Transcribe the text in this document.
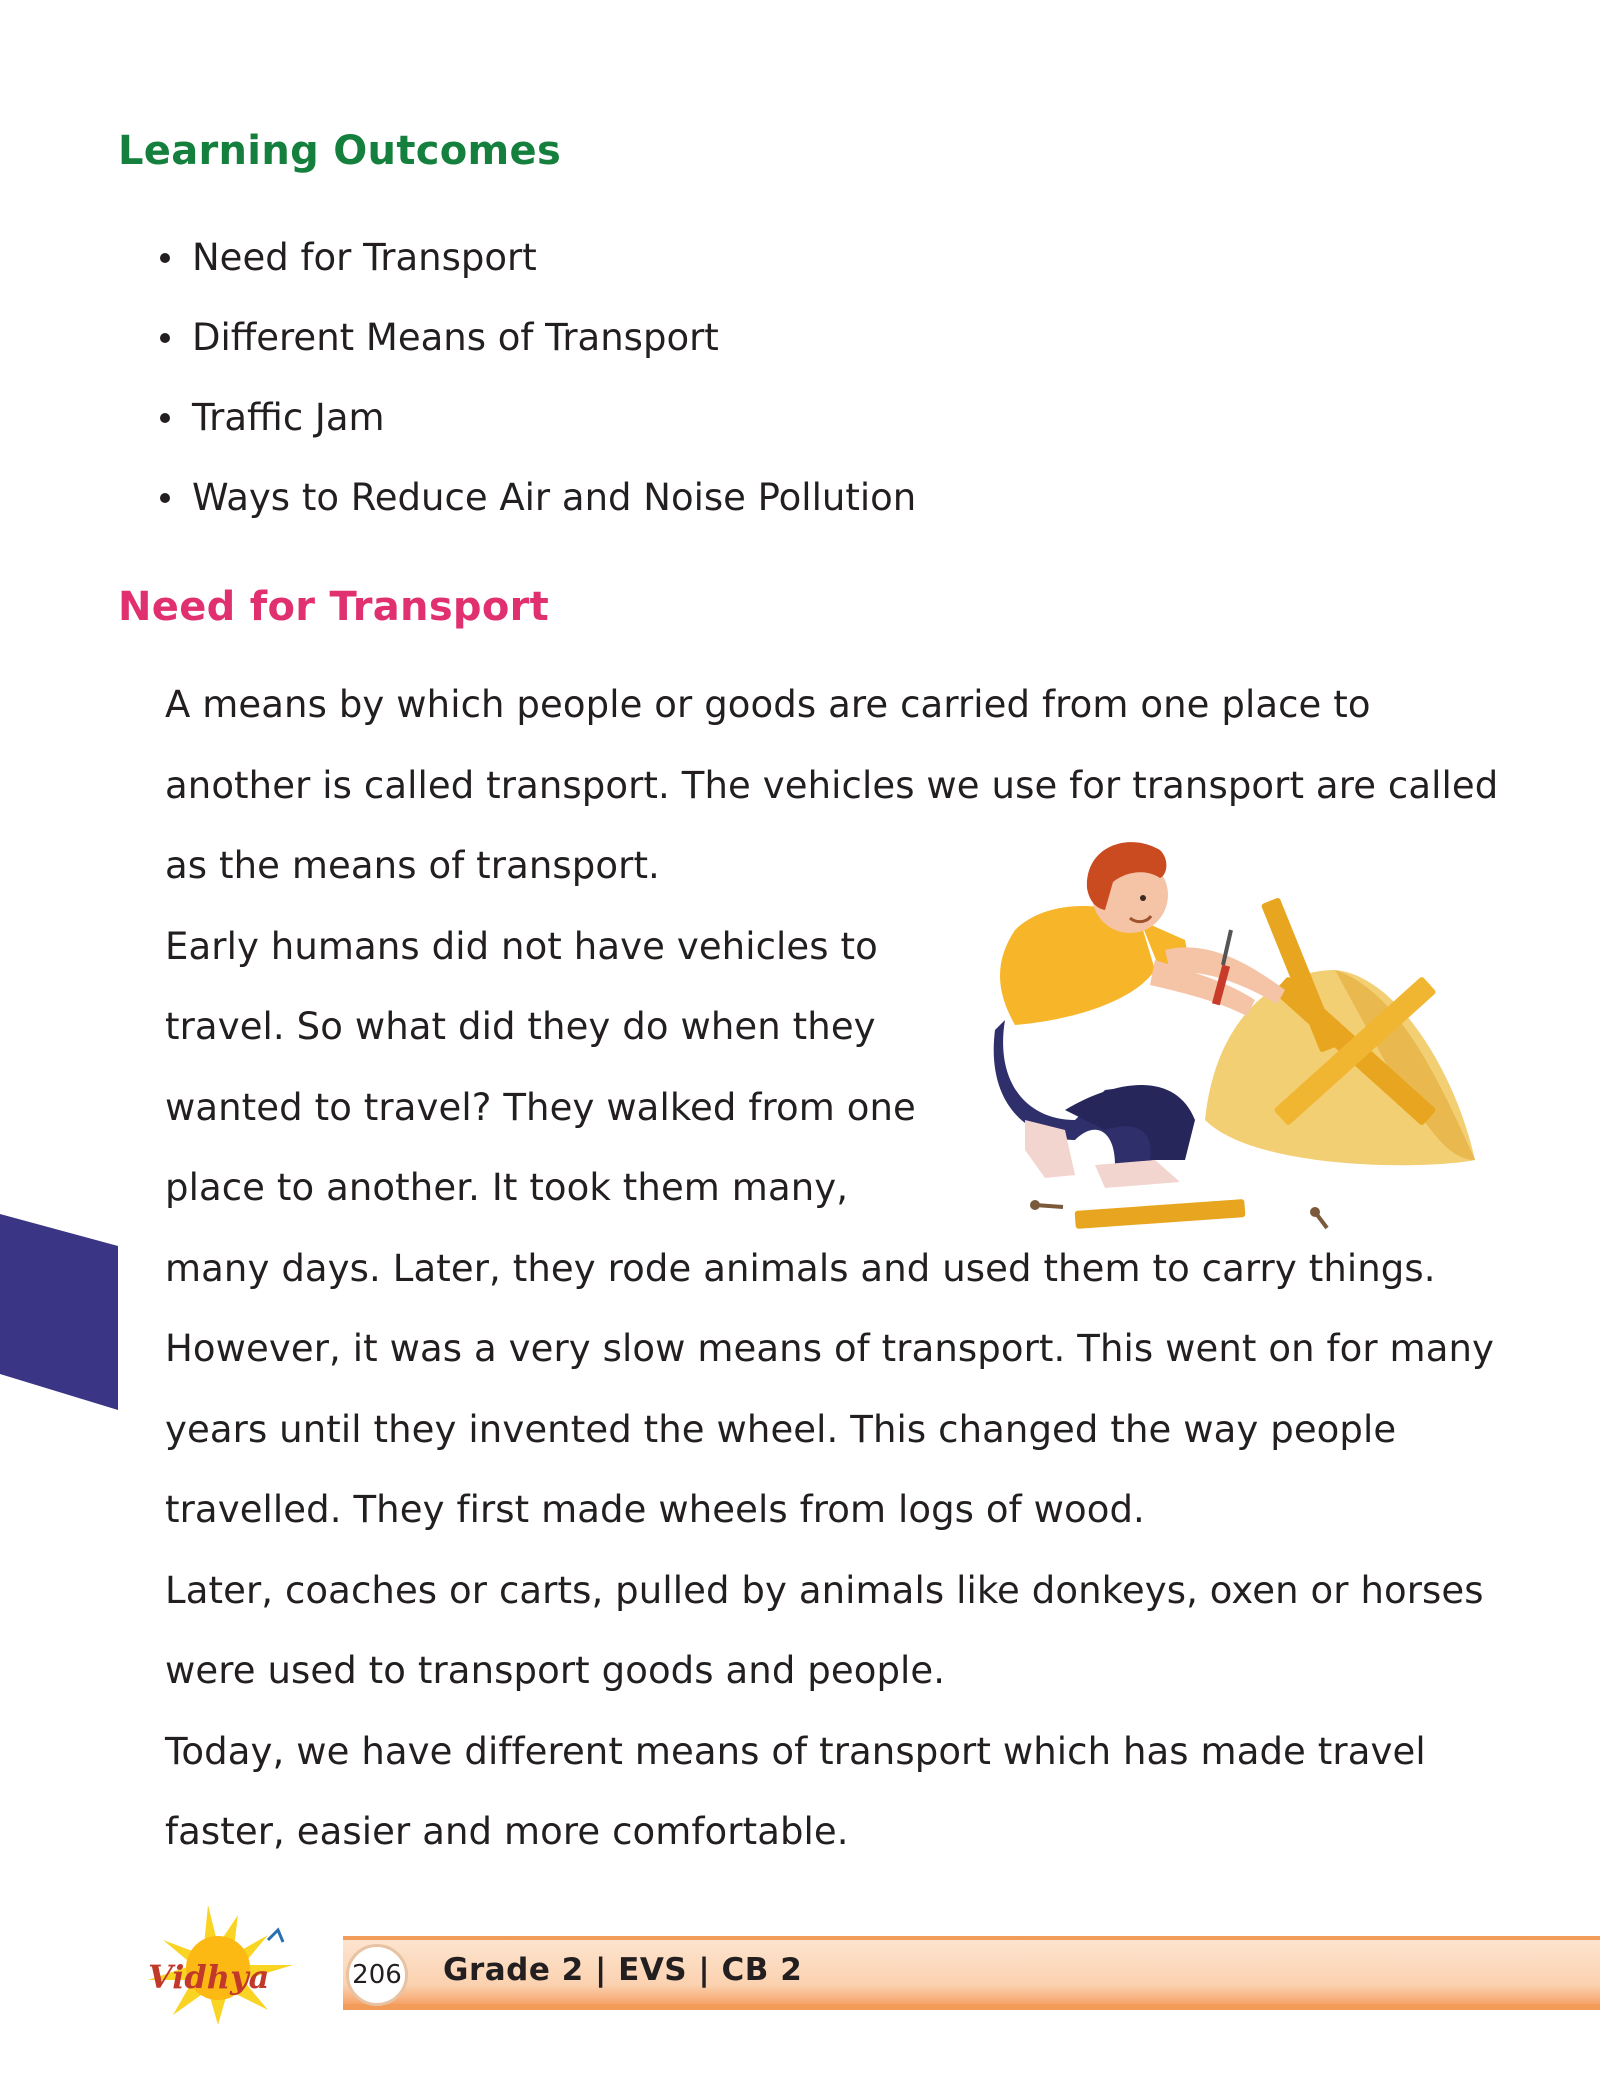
Learning Outcomes
Need for Transport
Different Means of Transport
Traffic Jam
Ways to Reduce Air and Noise Pollution
Need for Transport
A means by which people or goods are carried from one place to
another is called transport. The vehicles we use for transport are called
as the means of transport.
Early humans did not have vehicles to
travel. So what did they do when they
wanted to travel? They walked from one
place to another. It took them many,
many days. Later, they rode animals and used them to carry things.
However, it was a very slow means of transport. This went on for many
years until they invented the wheel. This changed the way people
travelled. They first made wheels from logs of wood.
Later, coaches or carts, pulled by animals like donkeys, oxen or horses
were used to transport goods and people.
Today, we have different means of transport which has made travel
faster, easier and more comfortable.
Vidhya	206 Grade 2 | EVS | CB 2
